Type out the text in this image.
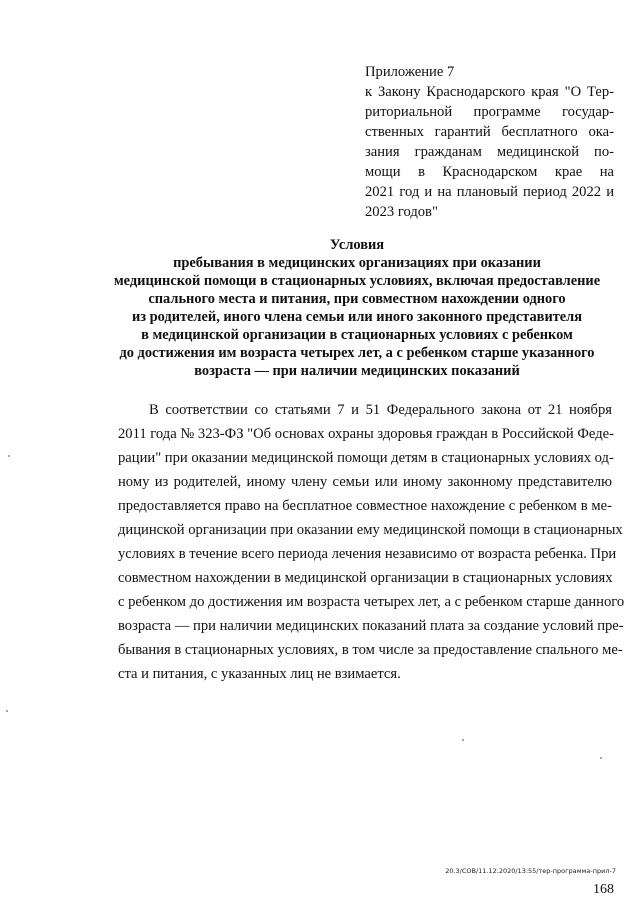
Приложение 7
к Закону Краснодарского края "О Тер-
риториальной программе государ-
ственных гарантий бесплатного ока-
зания гражданам медицинской по-
мощи в Краснодарском крае на
2021 год и на плановый период 2022 и
2023 годов"
Условия
пребывания в медицинских организациях при оказании
медицинской помощи в стационарных условиях, включая предоставление
спального места и питания, при совместном нахождении одного
из родителей, иного члена семьи или иного законного представителя
в медицинской организации в стационарных условиях с ребенком
до достижения им возраста четырех лет, а с ребенком старше указанного
возраста — при наличии медицинских показаний
В соответствии со статьями 7 и 51 Федерального закона от 21 ноября
2011 года № 323-ФЗ "Об основах охраны здоровья граждан в Российской Феде-
рации" при оказании медицинской помощи детям в стационарных условиях од-
ному из родителей, иному члену семьи или иному законному представителю
предоставляется право на бесплатное совместное нахождение с ребенком в ме-
дицинской организации при оказании ему медицинской помощи в стационарных
условиях в течение всего периода лечения независимо от возраста ребенка. При
совместном нахождении в медицинской организации в стационарных условиях
с ребенком до достижения им возраста четырех лет, а с ребенком старше данного
возраста — при наличии медицинских показаний плата за создание условий пре-
бывания в стационарных условиях, в том числе за предоставление спального ме-
ста и питания, с указанных лиц не взимается.
20.3/СОВ/11.12.2020/13:55/тер-программа-прил-7
168
